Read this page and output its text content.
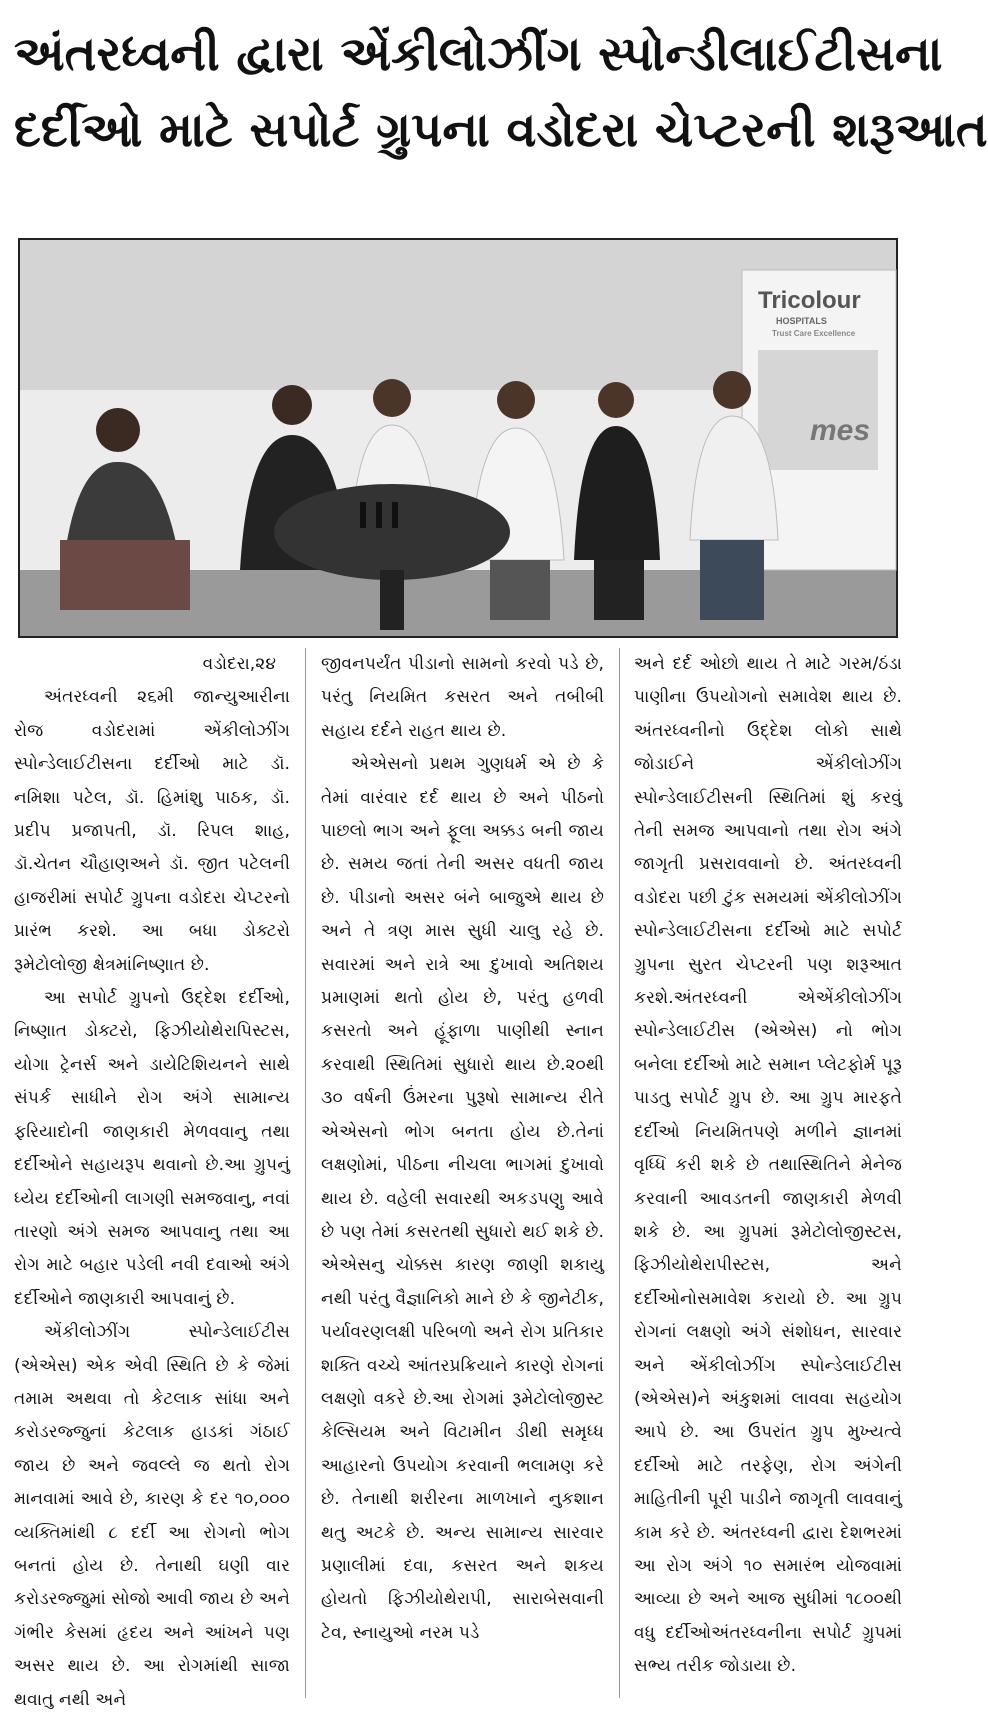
અંતરધ્વની દ્વારા એંકીલોઝીંગ સ્પોન્ડીલાઈટીસના
દર્દીઓ માટે સપોર્ટ ગ્રુપના વડોદરા ચેપ્ટરની શરૂઆત
Tricolour
HOSPITALS
Trust Care Excellence
mes
વડોદરા,૨૪

અંતરધ્વની ૨૬મી જાન્યુઆરીના રોજ વડોદરામાં એંકીલોઝીંગ સ્પોન્ડેલાઈટીસના દર્દીઓ માટે ડૉ. નમિશા પટેલ, ડૉ. હિમાંશુ પાઠક, ડૉ. પ્રદીપ પ્રજાપતી, ડૉ. રિપલ શાહ, ડૉ.ચેતન ચૌહાણઅને ડૉ. જીત પટેલની હાજરીમાં સપોર્ટ ગ્રુપના વડોદરા ચેપ્ટરનો પ્રારંભ કરશે. આ બધા ડોક્ટરો રૂમેટોલોજી ક્ષેત્રમાંનિષ્ણાત છે.

આ સપોર્ટ ગ્રુપનો ઉદ્દેશ દર્દીઓ, નિષ્ણાત ડોક્ટરો, ફિઝીયોથેરાપિસ્ટસ, યોગા ટ્રેનર્સ અને ડાયેટિશિયનને સાથે સંપર્ક સાધીને રોગ અંગે સામાન્ય ફરિયાદોની જાણકારી મેળવવાનુ તથા દર્દીઓને સહાયરૂપ થવાનો છે.આ ગ્રુપનું ધ્યેય દર્દીઓની લાગણી સમજવાનુ, નવાં તારણો અંગે સમજ આપવાનુ તથા આ રોગ માટે બહાર પડેલી નવી દવાઓ અંગે દર્દીઓને જાણકારી આપવાનું છે.

એંકીલોઝીંગ સ્પોન્ડેલાઈટીસ (એએસ) એક એવી સ્થિતિ છે કે જેમાં તમામ અથવા તો કેટલાક સાંધા અને કરોડરજ્જુનાં કેટલાક હાડકાં ગંઠાઈ જાય છે અને જવલ્લે જ થતો રોગ માનવામાં આવે છે, કારણ કે દર ૧૦,૦૦૦ વ્યક્તિમાંથી ૮ દર્દી આ રોગનો ભોગ બનતાં હોય છે. તેનાથી ઘણી વાર કરોડરજ્જુમાં સોજો આવી જાય છે અને ગંભીર કેસમાં હૃદય અને આંખને પણ અસર થાય છે. આ રોગમાંથી સાજા થવાતુ નથી અને

જીવનપર્યંત પીડાનો સામનો કરવો પડે છે, પરંતુ નિયમિત કસરત અને તબીબી સહાય દર્દને રાહત થાય છે.

એએસનો પ્રથમ ગુણધર્મ એ છે કે તેમાં વારંવાર દર્દ થાય છે અને પીઠનો પાછલો ભાગ અને ફૂલા અક્કડ બની જાય છે. સમય જતાં તેની અસર વધતી જાય છે. પીડાનો અસર બંને બાજુએ થાય છે અને તે ત્રણ માસ સુધી ચાલુ રહે છે. સવારમાં અને રાત્રે આ દુખાવો અતિશય પ્રમાણમાં થતો હોય છે, પરંતુ હળવી કસરતો અને હૂંફાળા પાણીથી સ્નાન કરવાથી સ્થિતિમાં સુધારો થાય છે.૨૦થી ૩૦ વર્ષની ઉંમરના પુરૂષો સામાન્ય રીતે એએસનો ભોગ બનતા હોય છે.તેનાં લક્ષણોમાં, પીઠના નીચલા ભાગમાં દુખાવો થાય છે. વહેલી સવારથી અકડપણુ આવે છે પણ તેમાં કસરતથી સુધારો થઈ શકે છે. એએસનુ ચોક્કસ કારણ જાણી શકાયુ નથી પરંતુ વૈજ્ઞાનિકો માને છે કે જીનેટીક, પર્યાવરણલક્ષી પરિબળો અને રોગ પ્રતિકાર શક્તિ વચ્ચે આંતરપ્રક્રિયાને કારણે રોગનાં લક્ષણો વકરે છે.આ રોગમાં રૂમેટોલોજીસ્ટ કેલ્સિયમ અને વિટામીન ડીથી સમૃધ્ધ આહારનો ઉપયોગ કરવાની ભલામણ કરે છે. તેનાથી શરીરના માળખાને નુકશાન થતુ અટકે છે. અન્ય સામાન્ય સારવાર પ્રણાલીમાં દવા, કસરત અને શકય હોયતો ફિઝીયોથેરાપી, સારાબેસવાની ટેવ, સ્નાયુઓ નરમ પડે

અને દર્દ ઓછો થાય તે માટે ગરમ/ઠંડા પાણીના ઉપયોગનો સમાવેશ થાય છે. અંતરધ્વનીનો ઉદ્દેશ લોકો સાથે જોડાઈને એંકીલોઝીંગ સ્પોન્ડેલાઈટીસની સ્થિતિમાં શું કરવું તેની સમજ આપવાનો તથા રોગ અંગે જાગૃતી પ્રસરાવવાનો છે. અંતરધ્વની વડોદરા પછી ટુંક સમયમાં એંકીલોઝીંગ સ્પોન્ડેલાઈટીસના દર્દીઓ માટે સપોર્ટ ગ્રુપના સુરત ચેપ્ટરની પણ શરૂઆત કરશે.અંતરધ્વની એએંકીલોઝીંગ સ્પોન્ડેલાઈટીસ (એએસ) નો ભોગ બનેલા દર્દીઓ માટે સમાન પ્લેટફોર્મ પૂરૂ પાડતુ સપોર્ટ ગ્રુપ છે. આ ગ્રુપ મારફતે દર્દીઓ નિયમિતપણે મળીને જ્ઞાનમાં વૃધ્ધિ કરી શકે છે તથાસ્થિતિને મેનેજ કરવાની આવડતની જાણકારી મેળવી શકે છે. આ ગ્રુપમાં રૂમેટોલોજીસ્ટસ, ફિઝીયોથેરાપીસ્ટસ, અને દર્દીઓનોસમાવેશ કરાયો છે. આ ગ્રુપ રોગનાં લક્ષણો અંગે સંશોધન, સારવાર અને એંકીલોઝીંગ સ્પોન્ડેલાઈટીસ (એએસ)ને અંકુશમાં લાવવા સહયોગ આપે છે. આ ઉપરાંત ગ્રુપ મુખ્યત્વે દર્દીઓ માટે તરફેણ, રોગ અંગેની માહિતીની પૂરી પાડીને જાગૃતી લાવવાનું કામ કરે છે. અંતરધ્વની દ્વારા દેશભરમાં આ રોગ અંગે ૧૦ સમારંભ યોજવામાં આવ્યા છે અને આજ સુધીમાં ૧૮૦૦થી વધુ દર્દીઓઅંતરધ્વનીના સપોર્ટ ગ્રુપમાં સભ્ય તરીક જોડાયા છે.
